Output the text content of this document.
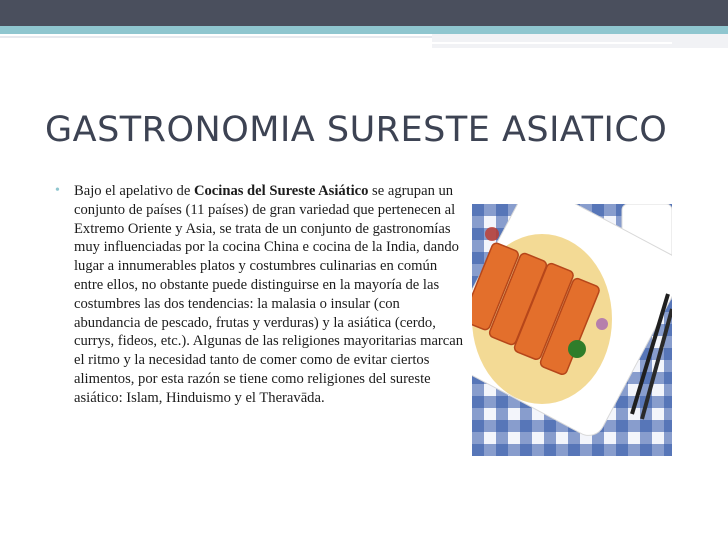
GASTRONOMIA SURESTE ASIATICO
• Bajo el apelativo de Cocinas del Sureste Asiático se agrupan un conjunto de países (11 países) de gran variedad que pertenecen al Extremo Oriente y Asia, se trata de un conjunto de gastronomías muy influenciadas por la cocina China e cocina de la India, dando lugar a innumerables platos y costumbres culinarias en común entre ellos, no obstante puede distinguirse en la mayoría de las costumbres las dos tendencias: la malasia o insular (con abundancia de pescado, frutas y verduras) y la asiática (cerdo, currys, fideos, etc.). Algunas de las religiones mayoritarias marcan el ritmo y la necesidad tanto de comer como de evitar ciertos alimentos, por esta razón se tiene como religiones del sureste asiático: Islam, Hinduismo y el Theravāda.
